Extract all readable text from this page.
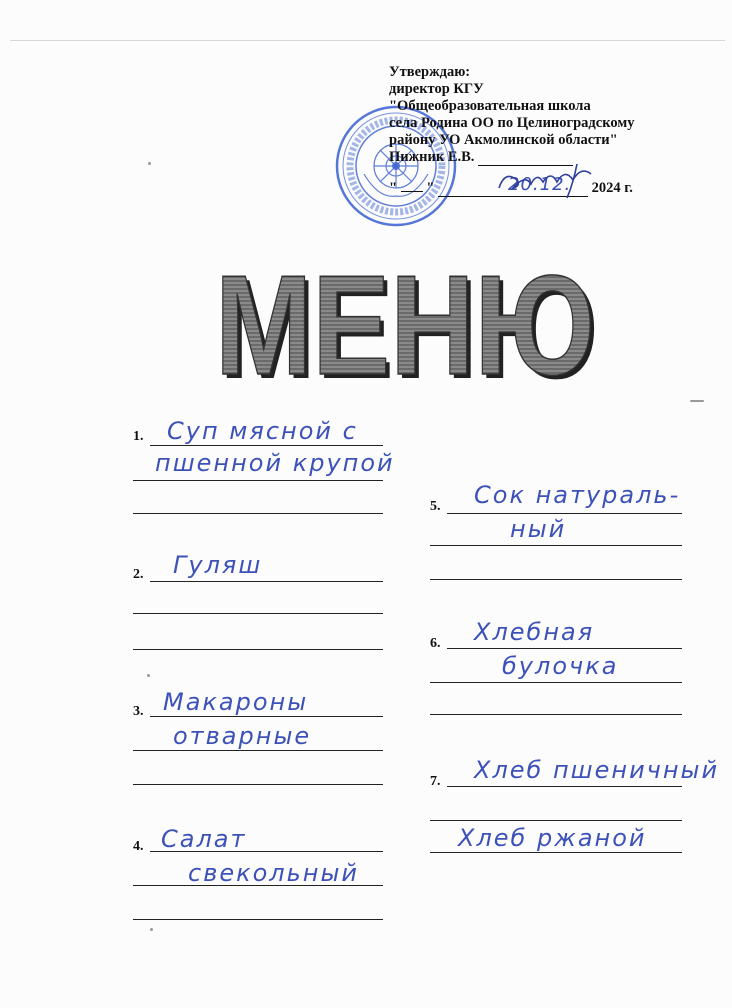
Утверждаю:
директор КГУ
"Общеобразовательная школа
села Родина ОО по Целиноградскому
району УО Акмолинской области"
Пижник Е.В.
" "	20.12. 2024 г.
МЕНЮ
МЕНЮ
1. Суп мясной с
пшенной крупой
2. Гуляш
3. Макароны
отварные
4. Салат
свекольный
5. Сок натураль-
ный
6. Хлебная
булочка
7. Хлеб пшеничный
Хлеб ржаной
